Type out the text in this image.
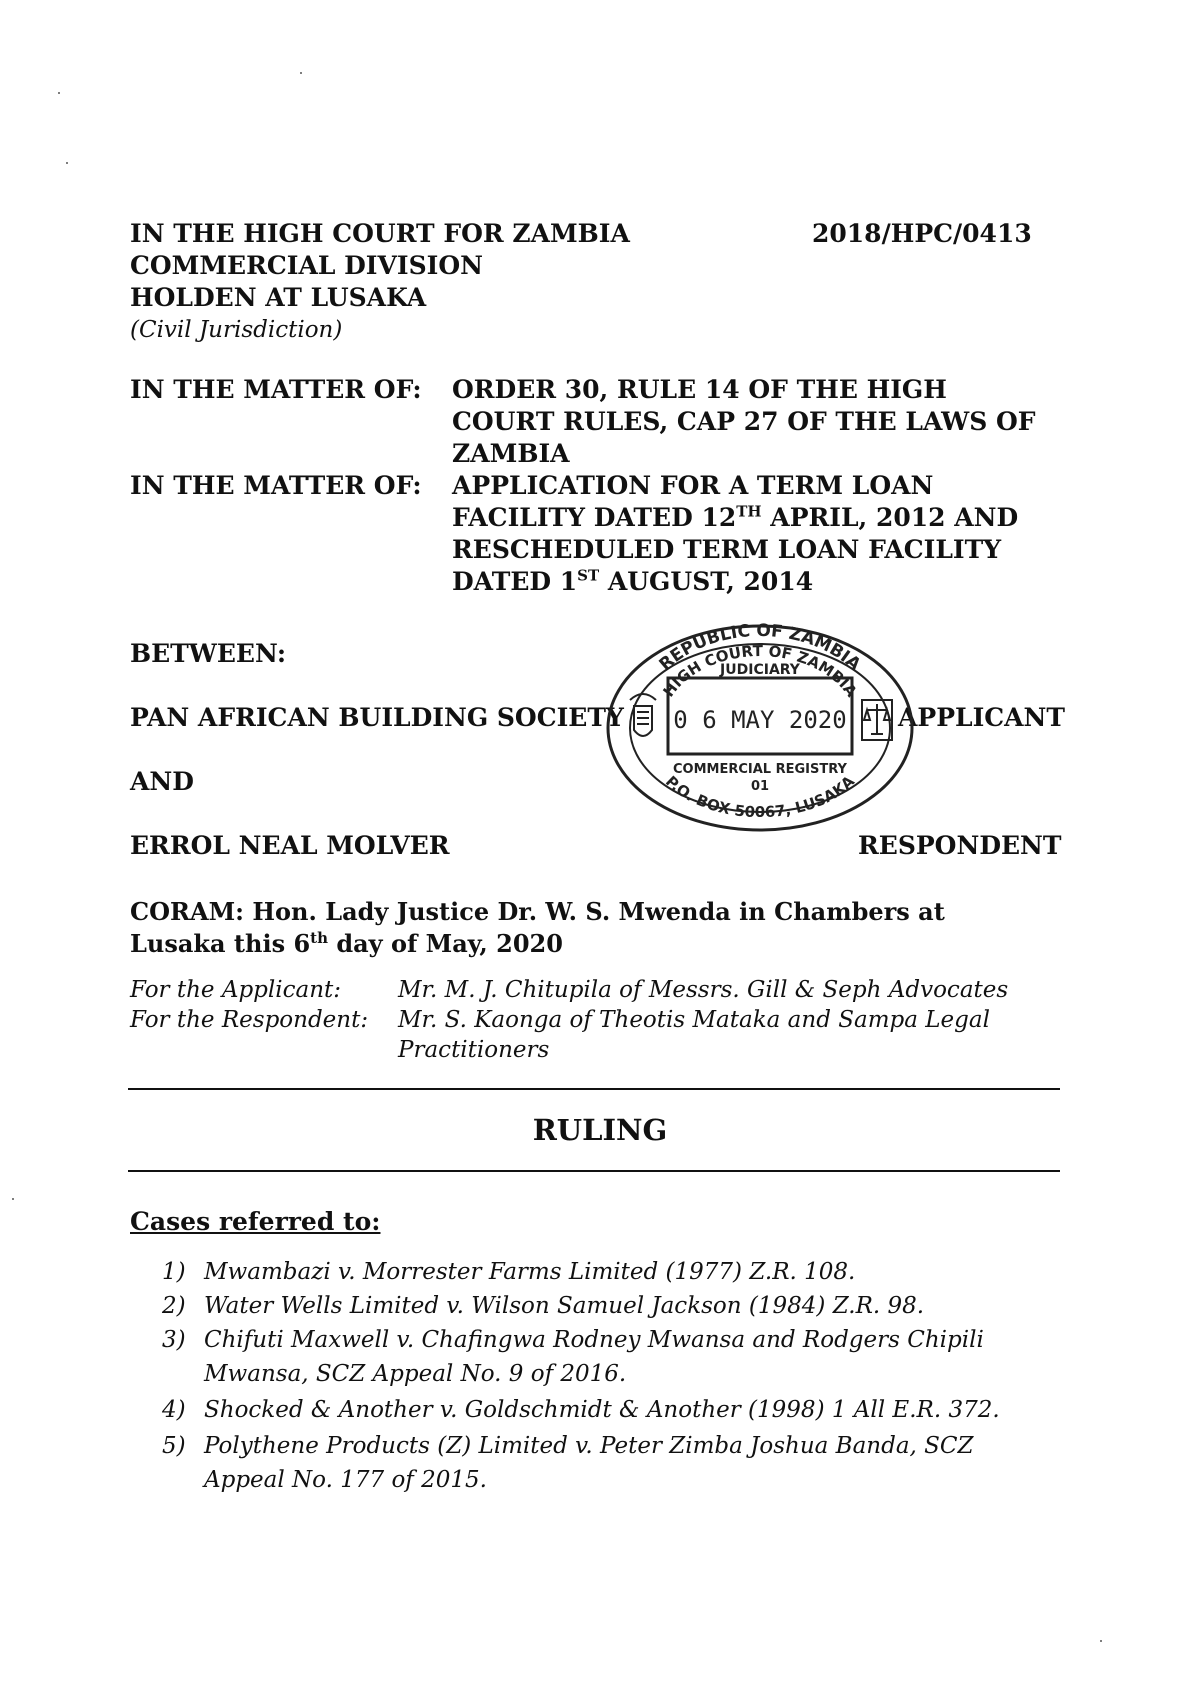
IN THE HIGH COURT FOR ZAMBIA	2018/HPC/0413
COMMERCIAL DIVISION
HOLDEN AT LUSAKA
(Civil Jurisdiction)
IN THE MATTER OF: ORDER 30, RULE 14 OF THE HIGH
COURT RULES, CAP 27 OF THE LAWS OF
ZAMBIA
IN THE MATTER OF: APPLICATION FOR A TERM LOAN
FACILITY DATED 12TH APRIL, 2012 AND
RESCHEDULED TERM LOAN FACILITY
DATED 1ST AUGUST, 2014
BETWEEN:
PAN AFRICAN BUILDING SOCIETY	APPLICANT
AND
ERROL NEAL MOLVER	RESPONDENT
REPUBLIC OF ZAMBIA
HIGH COURT OF ZAMBIA
JUDICIARY
0 6 MAY 2020
COMMERCIAL REGISTRY
01
P.O. BOX 50067, LUSAKA
CORAM: Hon. Lady Justice Dr. W. S. Mwenda in Chambers at
Lusaka this 6th day of May, 2020
For the Applicant: Mr. M. J. Chitupila of Messrs. Gill & Seph Advocates
For the Respondent: Mr. S. Kaonga of Theotis Mataka and Sampa Legal
Practitioners
RULING
Cases referred to:
1) Mwambazi v. Morrester Farms Limited (1977) Z.R. 108.
2) Water Wells Limited v. Wilson Samuel Jackson (1984) Z.R. 98.
3) Chifuti Maxwell v. Chafingwa Rodney Mwansa and Rodgers Chipili
Mwansa, SCZ Appeal No. 9 of 2016.
4) Shocked & Another v. Goldschmidt & Another (1998) 1 All E.R. 372.
5) Polythene Products (Z) Limited v. Peter Zimba Joshua Banda, SCZ
Appeal No. 177 of 2015.
